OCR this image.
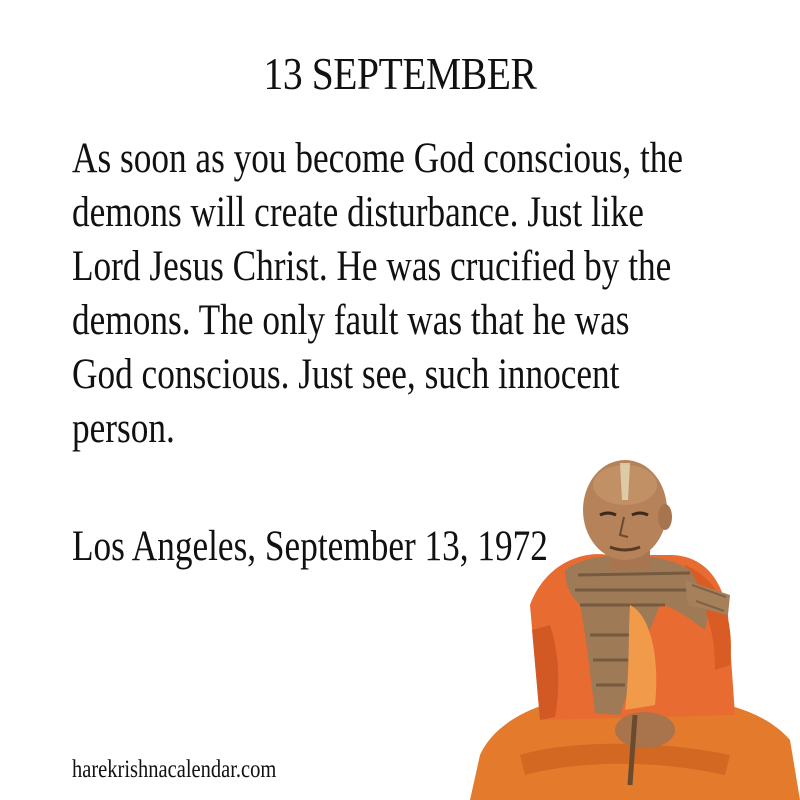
13 SEPTEMBER
As soon as you become God conscious, the
demons will create disturbance. Just like
Lord Jesus Christ. He was crucified by the
demons. The only fault was that he was
God conscious. Just see, such innocent
person.
Los Angeles, September 13, 1972
harekrishnacalendar.com
